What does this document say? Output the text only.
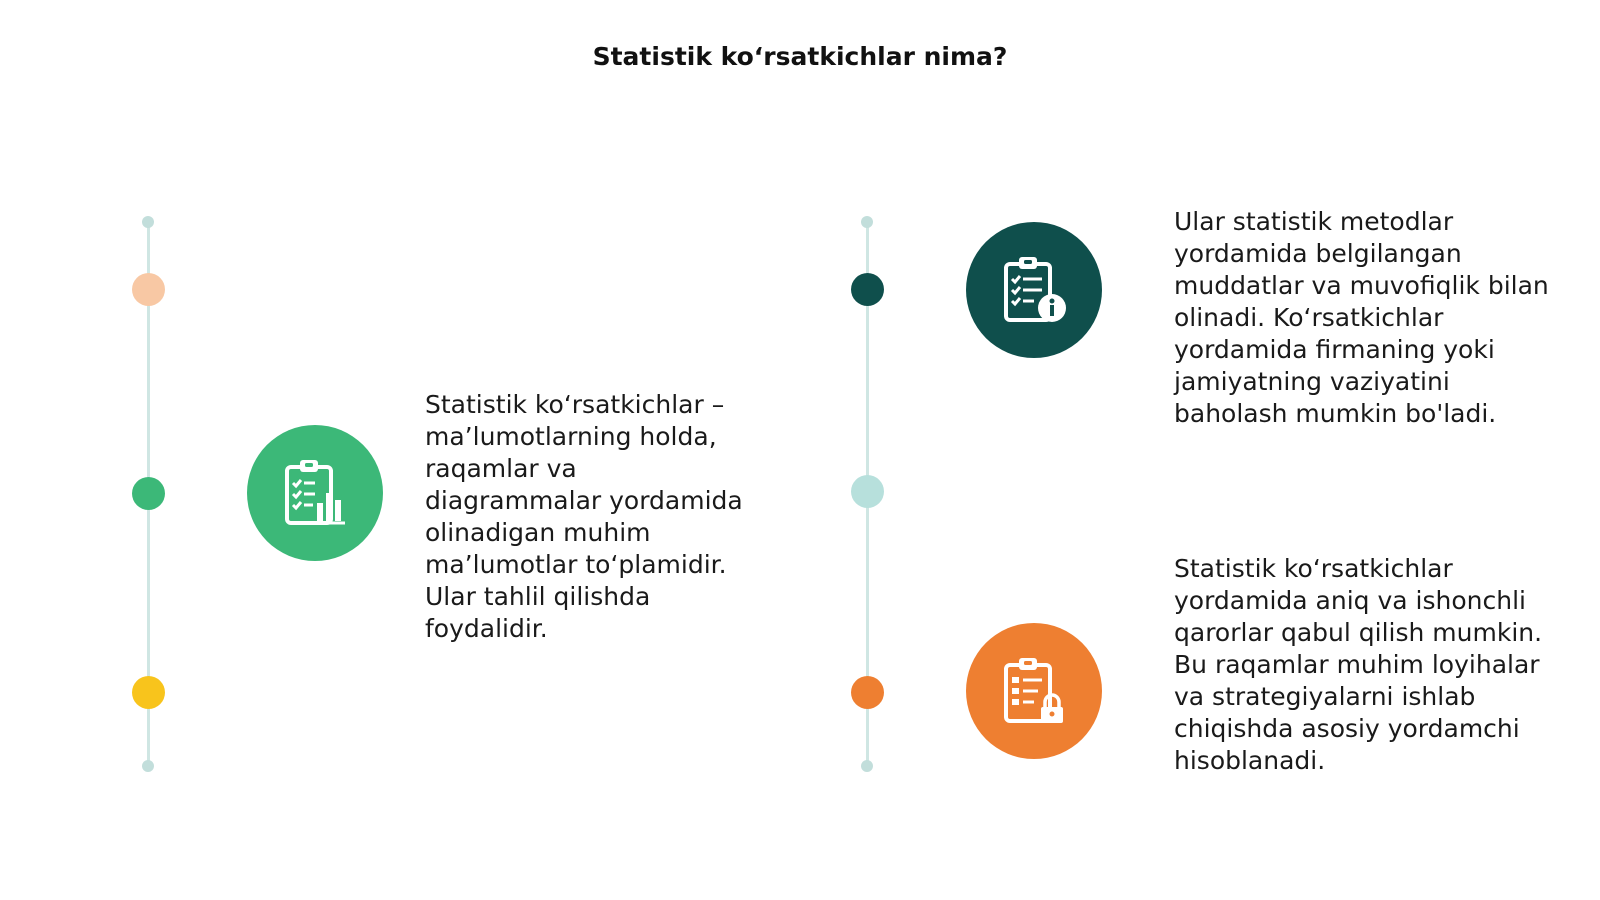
Statistik ko‘rsatkichlar nima?
Statistik ko‘rsatkichlar – ma’lumotlarning holda, raqamlar va diagrammalar yordamida olinadigan muhim ma’lumotlar to‘plamidir. Ular tahlil qilishda foydalidir.
Ular statistik metodlar yordamida belgilangan muddatlar va muvofiqlik bilan olinadi. Ko‘rsatkichlar yordamida firmaning yoki jamiyatning vaziyatini baholash mumkin bo'ladi.
Statistik ko‘rsatkichlar yordamida aniq va ishonchli qarorlar qabul qilish mumkin. Bu raqamlar muhim loyihalar va strategiyalarni ishlab chiqishda asosiy yordamchi hisoblanadi.
